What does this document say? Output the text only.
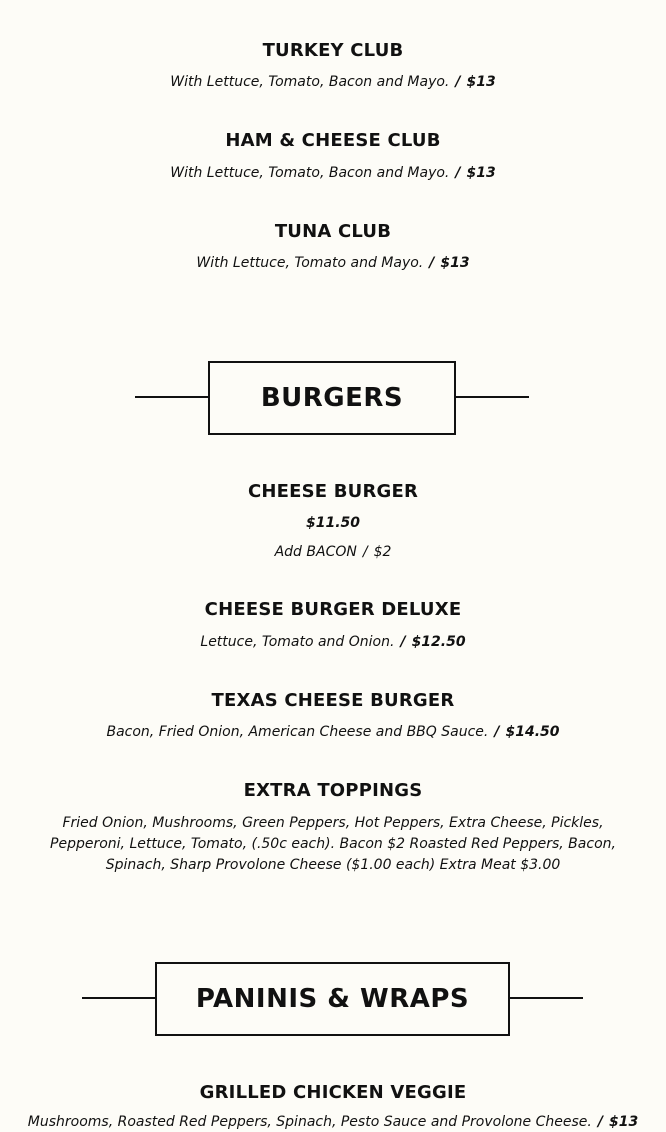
TURKEY CLUB
With Lettuce, Tomato, Bacon and Mayo. / $13
HAM & CHEESE CLUB
With Lettuce, Tomato, Bacon and Mayo. / $13
TUNA CLUB
With Lettuce, Tomato and Mayo. / $13
BURGERS
CHEESE BURGER
$11.50
Add BACON / $2
CHEESE BURGER DELUXE
Lettuce, Tomato and Onion. / $12.50
TEXAS CHEESE BURGER
Bacon, Fried Onion, American Cheese and BBQ Sauce. / $14.50
EXTRA TOPPINGS
Fried Onion, Mushrooms, Green Peppers, Hot Peppers, Extra Cheese, Pickles, Pepperoni, Lettuce, Tomato, (.50c each). Bacon $2 Roasted Red Peppers, Bacon, Spinach, Sharp Provolone Cheese ($1.00 each) Extra Meat $3.00
PANINIS & WRAPS
GRILLED CHICKEN VEGGIE
Mushrooms, Roasted Red Peppers, Spinach, Pesto Sauce and Provolone Cheese. / $13
